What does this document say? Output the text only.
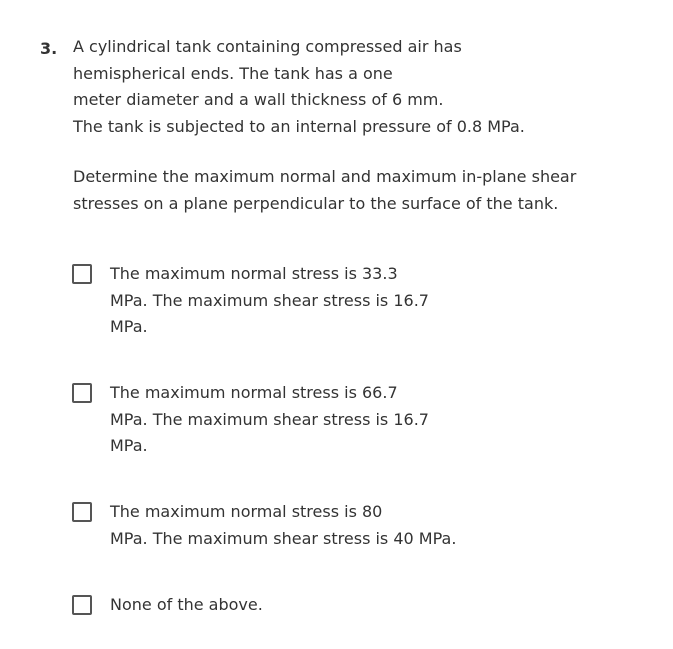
3. A cylindrical tank containing compressed air has
hemispherical ends. The tank has a one
meter diameter and a wall thickness of 6 mm.
The tank is subjected to an internal pressure of 0.8 MPa.
Determine the maximum normal and maximum in-plane shear
stresses on a plane perpendicular to the surface of the tank.
The maximum normal stress is 33.3
MPa. The maximum shear stress is 16.7
MPa.
The maximum normal stress is 66.7
MPa. The maximum shear stress is 16.7
MPa.
The maximum normal stress is 80
MPa. The maximum shear stress is 40 MPa.
None of the above.
